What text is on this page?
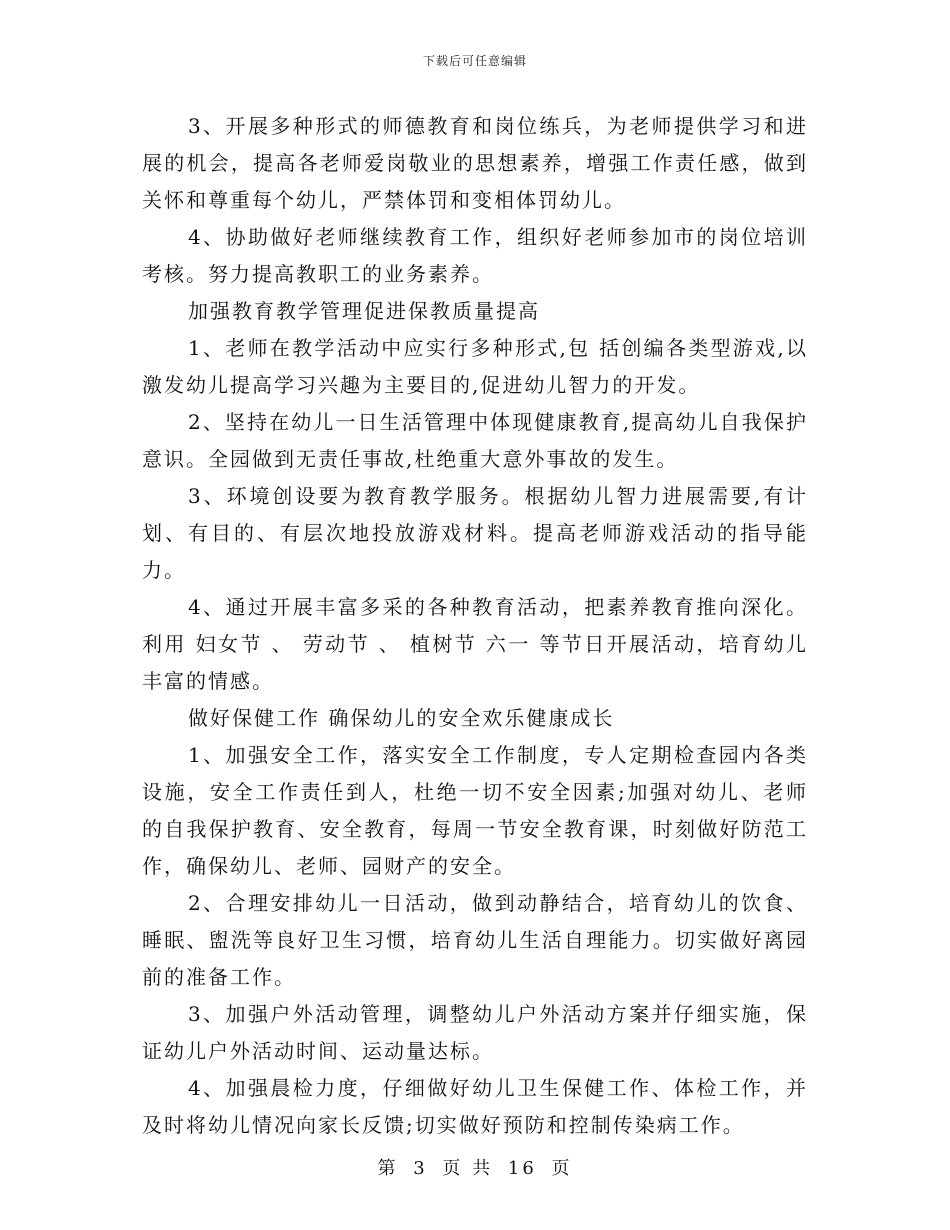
下载后可任意编辑

3、开展多种形式的师德教育和岗位练兵，为老师提供学习和进展的机会，提高各老师爱岗敬业的思想素养，增强工作责任感，做到关怀和尊重每个幼儿，严禁体罚和变相体罚幼儿。

4、协助做好老师继续教育工作，组织好老师参加市的岗位培训考核。努力提高教职工的业务素养。

加强教育教学管理促进保教质量提高

1、老师在教学活动中应实行多种形式,包 括创编各类型游戏,以激发幼儿提高学习兴趣为主要目的,促进幼儿智力的开发。

2、坚持在幼儿一日生活管理中体现健康教育,提高幼儿自我保护意识。全园做到无责任事故,杜绝重大意外事故的发生。

3、环境创设要为教育教学服务。根据幼儿智力进展需要,有计划、有目的、有层次地投放游戏材料。提高老师游戏活动的指导能力。

4、通过开展丰富多采的各种教育活动，把素养教育推向深化。利用 妇女节 、 劳动节 、 植树节 六一 等节日开展活动，培育幼儿丰富的情感。

做好保健工作 确保幼儿的安全欢乐健康成长

1、加强安全工作，落实安全工作制度，专人定期检查园内各类设施，安全工作责任到人，杜绝一切不安全因素;加强对幼儿、老师的自我保护教育、安全教育，每周一节安全教育课，时刻做好防范工作，确保幼儿、老师、园财产的安全。

2、合理安排幼儿一日活动，做到动静结合，培育幼儿的饮食、睡眠、盥洗等良好卫生习惯，培育幼儿生活自理能力。切实做好离园前的准备工作。

3、加强户外活动管理，调整幼儿户外活动方案并仔细实施，保证幼儿户外活动时间、运动量达标。

4、加强晨检力度，仔细做好幼儿卫生保健工作、体检工作，并及时将幼儿情况向家长反馈;切实做好预防和控制传染病工作。

第 3 页 共 16 页
